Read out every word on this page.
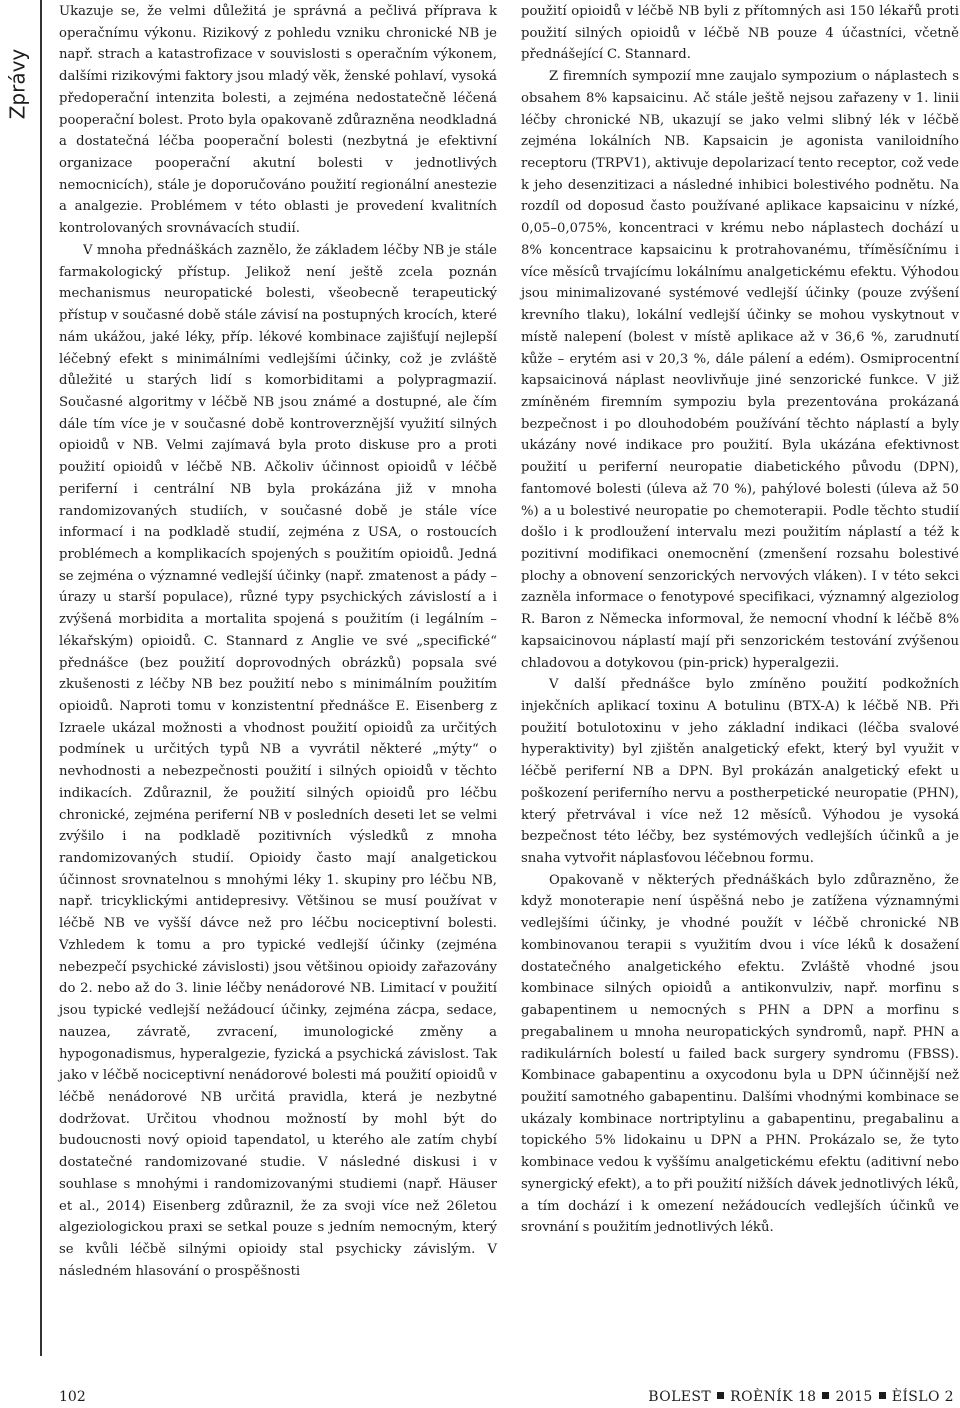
Zprávy

Ukazuje se, že velmi důležitá je správná a pečlivá příprava k operačnímu výkonu. Rizikový z pohledu vzniku chronické NB je např. strach a katastrofizace v souvislosti s operačním výkonem, dalšími rizikovými faktory jsou mladý věk, ženské pohlaví, vysoká předoperační intenzita bolesti, a zejména nedostatečně léčená pooperační bolest. Proto byla opakovaně zdůrazněna neodkladná a dostatečná léčba pooperační bolesti (nezbytná je efektivní organizace pooperační akutní bolesti v jednotlivých nemocnicích), stále je doporučováno použití regionální anestezie a analgezie. Problémem v této oblasti je provedení kvalitních kontrolovaných srovnávacích studií.

V mnoha přednáškách zaznělo, že základem léčby NB je stále farmakologický přístup. Jelikož není ještě zcela poznán mechanismus neuropatické bolesti, všeobecně terapeutický přístup v současné době stále závisí na postupných krocích, které nám ukážou, jaké léky, příp. lékové kombinace zajišťují nejlepší léčebný efekt s minimálními vedlejšími účinky, což je zvláště důležité u starých lidí s komorbiditami a polypragmazií. Současné algoritmy v léčbě NB jsou známé a dostupné, ale čím dále tím více je v současné době kontroverznější využití silných opioidů v NB. Velmi zajímavá byla proto diskuse pro a proti použití opioidů v léčbě NB. Ačkoliv účinnost opioidů v léčbě periferní i centrální NB byla prokázána již v mnoha randomizovaných studiích, v současné době je stále více informací i na podkladě studií, zejména z USA, o rostoucích problémech a komplikacích spojených s použitím opioidů. Jedná se zejména o významné vedlejší účinky (např. zmatenost a pády – úrazy u starší populace), různé typy psychických závislostí a i zvýšená morbidita a mortalita spojená s použitím (i legálním – lékařským) opioidů. C. Stannard z Anglie ve své „specifické“ přednášce (bez použití doprovodných obrázků) popsala své zkušenosti z léčby NB bez použití nebo s minimálním použitím opioidů. Naproti tomu v konzistentní přednášce E. Eisenberg z Izraele ukázal možnosti a vhodnost použití opioidů za určitých podmínek u určitých typů NB a vyvrátil některé „mýty“ o nevhodnosti a nebezpečnosti použití i silných opioidů v těchto indikacích. Zdůraznil, že použití silných opioidů pro léčbu chronické, zejména periferní NB v posledních deseti let se velmi zvýšilo i na podkladě pozitivních výsledků z mnoha randomizovaných studií. Opioidy často mají analgetickou účinnost srovnatelnou s mnohými léky 1. skupiny pro léčbu NB, např. tricyklickými antidepresivy. Většinou se musí používat v léčbě NB ve vyšší dávce než pro léčbu nociceptivní bolesti. Vzhledem k tomu a pro typické vedlejší účinky (zejména nebezpečí psychické závislosti) jsou většinou opioidy zařazovány do 2. nebo až do 3. linie léčby nenádorové NB. Limitací v použití jsou typické vedlejší nežádoucí účinky, zejména zácpa, sedace, nauzea, závratě, zvracení, imunologické změny a hypogonadismus, hyperalgezie, fyzická a psychická závislost. Tak jako v léčbě nociceptivní nenádorové bolesti má použití opioidů v léčbě nenádorové NB určitá pravidla, která je nezbytné dodržovat. Určitou vhodnou možností by mohl být do budoucnosti nový opioid tapendatol, u kterého ale zatím chybí dostatečné randomizované studie. V následné diskusi i v souhlase s mnohými i randomizovanými studiemi (např. Häuser et al., 2014) Eisenberg zdůraznil, že za svoji více než 26letou algeziologickou praxi se setkal pouze s jedním nemocným, který se kvůli léčbě silnými opioidy stal psychicky závislým. V následném hlasování o prospěšnosti

použití opioidů v léčbě NB byli z přítomných asi 150 lékařů proti použití silných opioidů v léčbě NB pouze 4 účastníci, včetně přednášející C. Stannard.

Z firemních sympozií mne zaujalo sympozium o náplastech s obsahem 8% kapsaicinu. Ač stále ještě nejsou zařazeny v 1. linii léčby chronické NB, ukazují se jako velmi slibný lék v léčbě zejména lokálních NB. Kapsaicin je agonista vaniloidního receptoru (TRPV1), aktivuje depolarizací tento receptor, což vede k jeho desenzitizaci a následné inhibici bolestivého podnětu. Na rozdíl od doposud často používané aplikace kapsaicinu v nízké, 0,05–0,075%, koncentraci v krému nebo náplastech dochází u 8% koncentrace kapsaicinu k protrahovanému, tříměsíčnímu i více měsíců trvajícímu lokálnímu analgetickému efektu. Výhodou jsou minimalizované systémové vedlejší účinky (pouze zvýšení krevního tlaku), lokální vedlejší účinky se mohou vyskytnout v místě nalepení (bolest v místě aplikace až v 36,6 %, zarudnutí kůže – erytém asi v 20,3 %, dále pálení a edém). Osmiprocentní kapsaicinová náplast neovlivňuje jiné senzorické funkce. V již zmíněném firemním sympoziu byla prezentována prokázaná bezpečnost i po dlouhodobém používání těchto náplastí a byly ukázány nové indikace pro použití. Byla ukázána efektivnost použití u periferní neuropatie diabetického původu (DPN), fantomové bolesti (úleva až 70 %), pahýlové bolesti (úleva až 50 %) a u bolestivé neuropatie po chemoterapii. Podle těchto studií došlo i k prodloužení intervalu mezi použitím náplastí a též k pozitivní modifikaci onemocnění (zmenšení rozsahu bolestivé plochy a obnovení senzorických nervových vláken). I v této sekci zazněla informace o fenotypové specifikaci, významný algeziolog R. Baron z Německa informoval, že nemocní vhodní k léčbě 8% kapsaicinovou náplastí mají při senzorickém testování zvýšenou chladovou a dotykovou (pin-prick) hyperalgezii.

V další přednášce bylo zmíněno použití podkožních injekčních aplikací toxinu A botulinu (BTX-A) k léčbě NB. Při použití botulotoxinu v jeho základní indikaci (léčba svalové hyperaktivity) byl zjištěn analgetický efekt, který byl využit v léčbě periferní NB a DPN. Byl prokázán analgetický efekt u poškození periferního nervu a postherpetické neuropatie (PHN), který přetrvával i více než 12 měsíců. Výhodou je vysoká bezpečnost této léčby, bez systémových vedlejších účinků a je snaha vytvořit náplasťovou léčebnou formu.

Opakovaně v některých přednáškách bylo zdůrazněno, že když monoterapie není úspěšná nebo je zatížena významnými vedlejšími účinky, je vhodné použít v léčbě chronické NB kombinovanou terapii s využitím dvou i více léků k dosažení dostatečného analgetického efektu. Zvláště vhodné jsou kombinace silných opioidů a antikonvulziv, např. morfinu s gabapentinem u nemocných s PHN a DPN a morfinu s pregabalinem u mnoha neuropatických syndromů, např. PHN a radikulárních bolestí u failed back surgery syndromu (FBSS). Kombinace gabapentinu a oxycodonu byla u DPN účinnější než použití samotného gabapentinu. Dalšími vhodnými kombinace se ukázaly kombinace nortriptylinu a gabapentinu, pregabalinu a topického 5% lidokainu u DPN a PHN. Prokázalo se, že tyto kombinace vedou k vyššímu analgetickému efektu (aditivní nebo synergický efekt), a to při použití nižších dávek jednotlivých léků, a tím dochází i k omezení nežádoucích vedlejších účinků ve srovnání s použitím jednotlivých léků.

102	BOLEST ROÈNÍK 18 2015 ÈÍSLO 2
